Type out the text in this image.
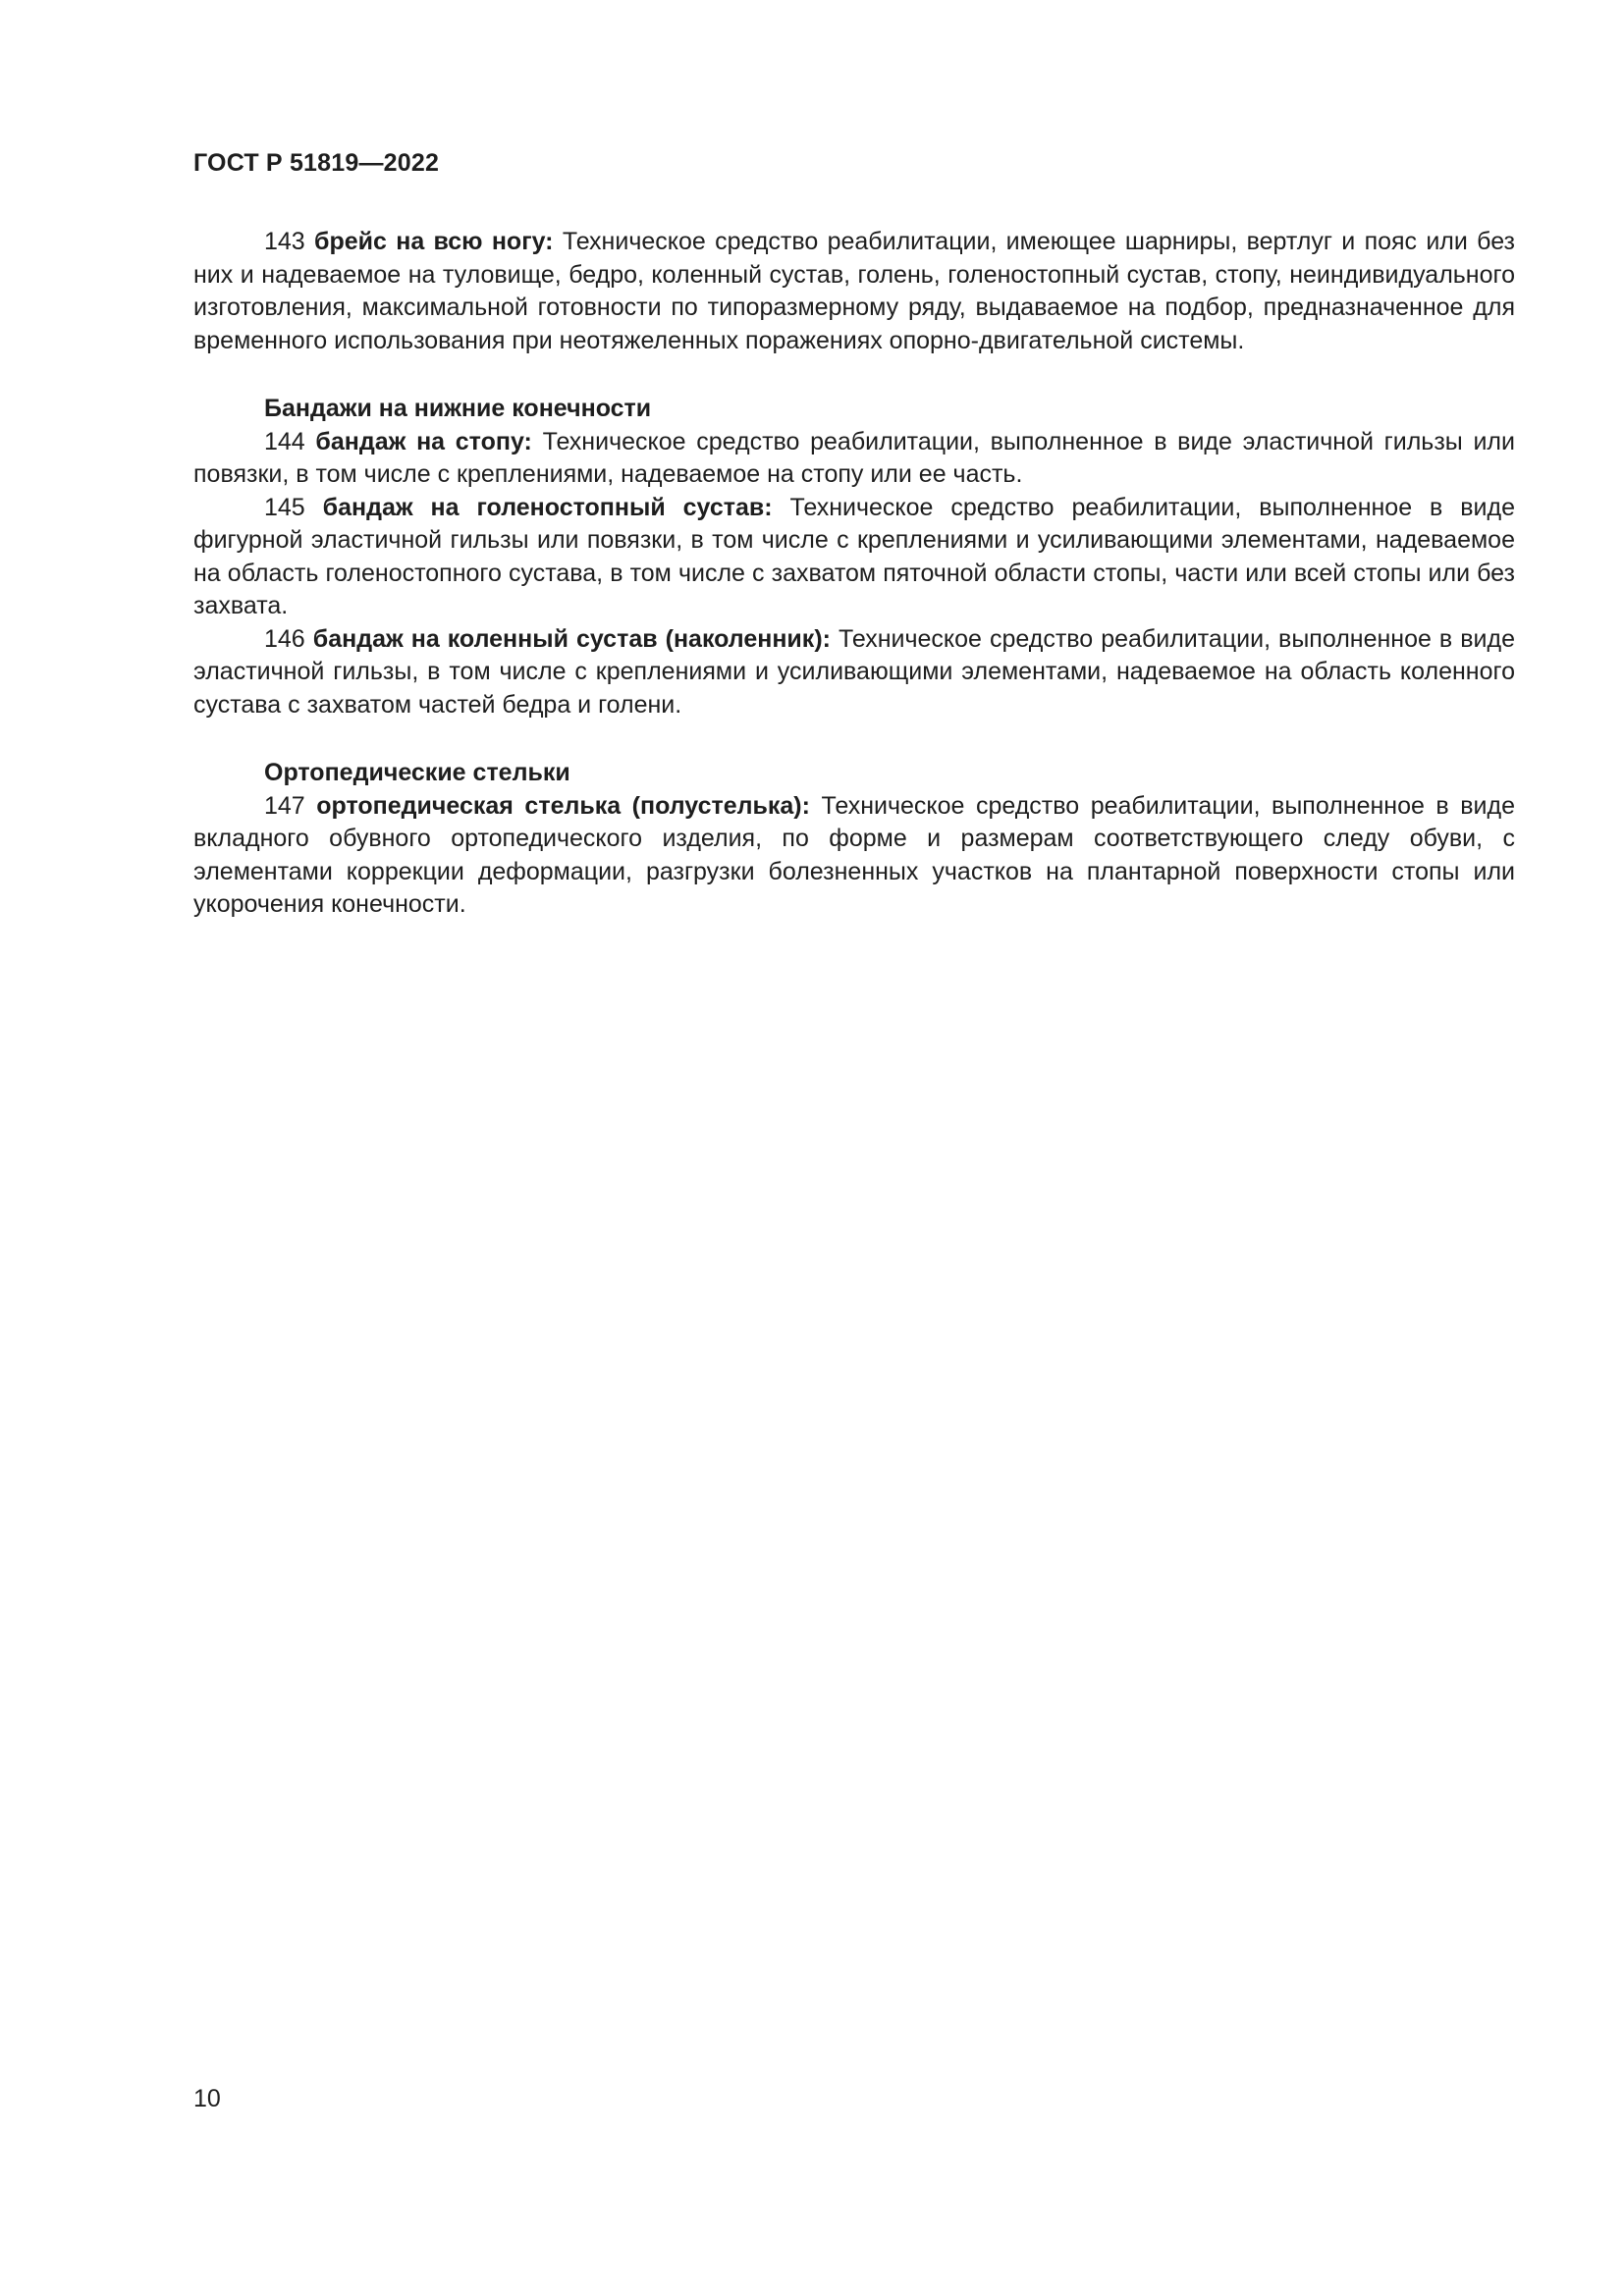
ГОСТ Р 51819—2022

143 брейс на всю ногу: Техническое средство реабилитации, имеющее шарниры, вертлуг и пояс или без них и надеваемое на туловище, бедро, коленный сустав, голень, голеностопный сустав, стопу, неиндивидуального изготовления, максимальной готовности по типоразмерному ряду, выдаваемое на подбор, предназначенное для временного использования при неотяжеленных поражениях опорно-двигательной системы.

Бандажи на нижние конечности

144 бандаж на стопу: Техническое средство реабилитации, выполненное в виде эластичной гильзы или повязки, в том числе с креплениями, надеваемое на стопу или ее часть.

145 бандаж на голеностопный сустав: Техническое средство реабилитации, выполненное в виде фигурной эластичной гильзы или повязки, в том числе с креплениями и усиливающими элементами, надеваемое на область голеностопного сустава, в том числе с захватом пяточной области стопы, части или всей стопы или без захвата.

146 бандаж на коленный сустав (наколенник): Техническое средство реабилитации, выполненное в виде эластичной гильзы, в том числе с креплениями и усиливающими элементами, надеваемое на область коленного сустава с захватом частей бедра и голени.

Ортопедические стельки

147 ортопедическая стелька (полустелька): Техническое средство реабилитации, выполненное в виде вкладного обувного ортопедического изделия, по форме и размерам соответствующего следу обуви, с элементами коррекции деформации, разгрузки болезненных участков на плантарной поверхности стопы или укорочения конечности.

10
